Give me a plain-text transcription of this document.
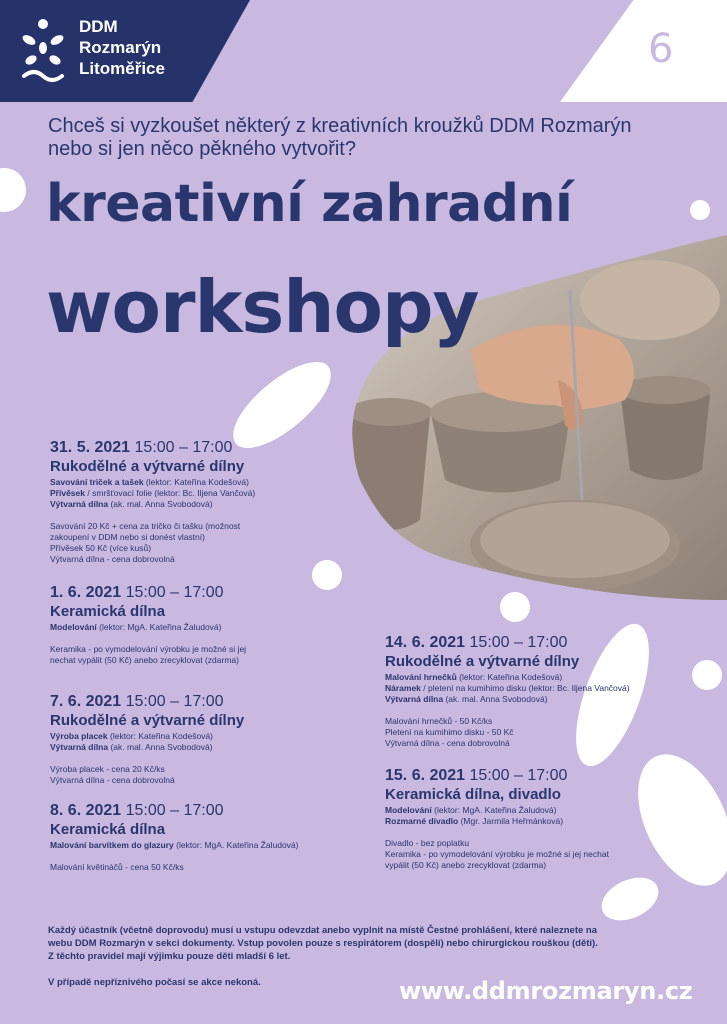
DDM
Rozmarýn
Litoměřice	6
Chceš si vyzkoušet některý z kreativních kroužků DDM Rozmarýn
nebo si jen něco pěkného vytvořit?
kreativní zahradní
workshopy
31. 5. 2021 15:00 – 17:00
Rukodělné a výtvarné dílny
Savování triček a tašek (lektor: Kateřina Kodešová)
Přívěsek / smršťovací folie (lektor: Bc. Iljena Vančová)
Výtvarná dílna (ak. mal. Anna Svobodová)
Savování 20 Kč + cena za tričko či tašku (možnost
zakoupení v DDM nebo si donést vlastní)
Přívěsek 50 Kč (více kusů)
Výtvarná dílna - cena dobrovolná
1. 6. 2021 15:00 – 17:00
Keramická dílna
Modelování (lektor: MgA. Kateřina Žaludová)
Keramika - po vymodelování výrobku je možné si jej
nechat vypálit (50 Kč) anebo zrecyklovat (zdarma)
7. 6. 2021 15:00 – 17:00
Rukodělné a výtvarné dílny
Výroba placek (lektor: Kateřina Kodešová)
Výtvarná dílna (ak. mal. Anna Svobodová)
Výroba placek - cena 20 Kč/ks
Výtvarná dílna - cena dobrovolná
8. 6. 2021 15:00 – 17:00
Keramická dílna
Malování barvítkem do glazury (lektor: MgA. Kateřina Žaludová)
Malování květináčů - cena 50 Kč/ks
14. 6. 2021 15:00 – 17:00
Rukodělné a výtvarné dílny
Malování hrnečků (lektor: Kateřina Kodešová)
Náramek / pletení na kumihimo disku (lektor: Bc. Iljena Vančová)
Výtvarná dílna (ak. mal. Anna Svobodová)
Malování hrnečků - 50 Kč/ks
Pletení na kumihimo disku - 50 Kč
Výtvarná dílna - cena dobrovolná
15. 6. 2021 15:00 – 17:00
Keramická dílna, divadlo
Modelování (lektor: MgA. Kateřina Žaludová)
Rozmarné divadlo (Mgr. Jarmila Heřmánková)
Divadlo - bez poplatku
Keramika - po vymodelování výrobku je možné si jej nechat
vypálit (50 Kč) anebo zrecyklovat (zdarma)
Každý účastník (včetně doprovodu) musí u vstupu odevzdat anebo vyplnit na místě Čestné prohlášení, které naleznete na
webu DDM Rozmarýn v sekci dokumenty. Vstup povolen pouze s respirátorem (dospělí) nebo chirurgickou rouškou (děti).
Z těchto pravidel mají výjimku pouze děti mladší 6 let.
V případě nepříznivého počasí se akce nekoná.	www.ddmrozmaryn.cz
